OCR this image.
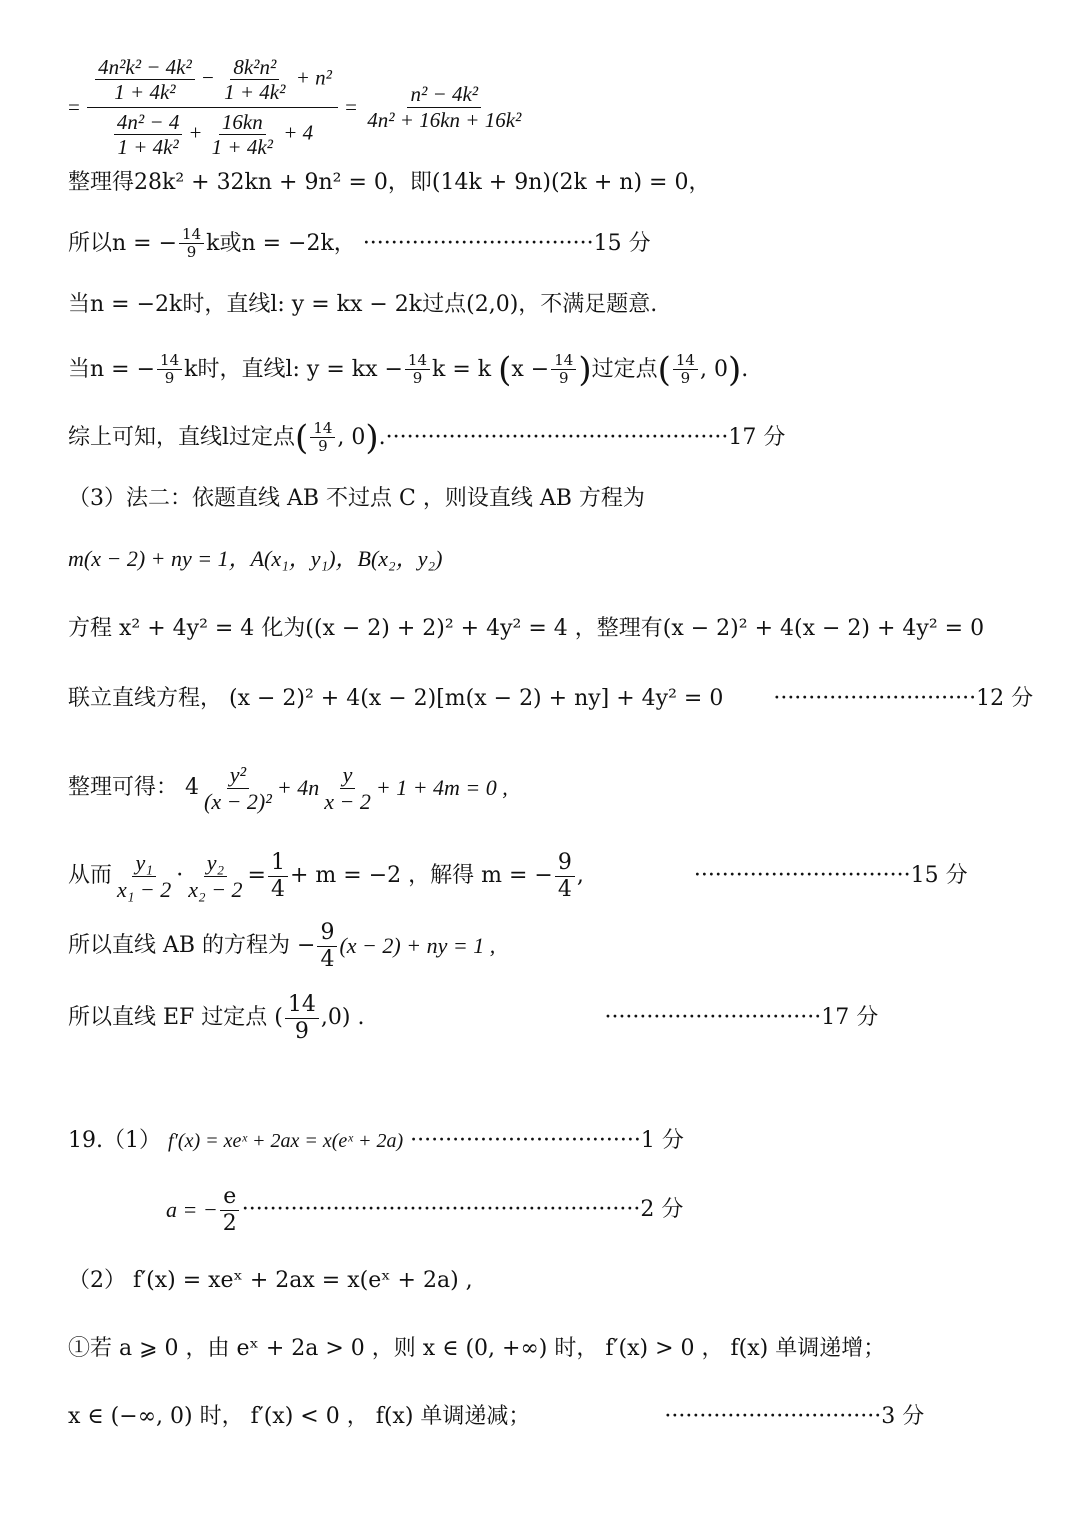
= $\frac{\frac{\text{4n²k² − 4k²}}{\text{1 + 4k²}} - \frac{\text{8k²n²}}{\text{1 + 4k²}} + n^2}{\frac{\text{4n² − 4}}{\text{1 + 4k²}} + \frac{16kn}{\text{1 + 4k²}} + 4} = \frac{\text{n² − 4k²}}{\text{4n² + 16kn + 16k²}}$
整理得28k² + 32kn + 9n² = 0，即(14k + 9n)(2k + n) = 0，
所以n = − $\frac{14}{9}$ k或n = −2k， ·································15 分
当n = −2k时，直线l: y = kx − 2k过点(2,0)，不满足题意.
当n = − $\frac{14}{9}$ k时，直线l: y = kx − $\frac{14}{9}$ k = k ($x - \frac{14}{9}$ )过定点( $\frac{14}{9}$ , 0).
综上可知，直线l过定点( $\frac{14}{9}$ , 0).·················································17 分
（3）法二：依题直线 AB 不过点 C ，则设直线 AB 方程为
m(x − 2) + ny = 1，A(x₁，y₁)，B(x₂，y₂)
方程 x² + 4y² = 4 化为((x − 2) + 2)² + 4y² = 4 ，整理有(x − 2)² + 4(x − 2) + 4y² = 0
联立直线方程， (x − 2)² + 4(x − 2)[m(x − 2) + ny] + 4y² = 0 ·····························12 分
整理可得： $4 \frac{\text{y²}}{\text{(x − 2)²}} + 4n \frac{y}{x - 2} + 1 + 4m = 0$ ,
从而 $\frac{\text{y₁}}{\text{x₁ − 2}} \cdot \frac{\text{y₂}}{\text{x₂ − 2}} = \frac{1}{4} + m = -2$ ，解得 m = − $\frac{9}{4}$ ,	······························· 15 分
所以直线 AB 的方程为 − $\frac{9}{4} (x - 2)$ + ny = 1 ,
所以直线 EF 过定点 ( $\frac{14}{9} ,0$) .	······························· 17 分
19.（1） f′(x) = xeˣ + 2ax = x(eˣ + 2a) ·································1 分
a = − $\frac{e}{2}$ ························································· 2 分
（2） f′(x) = xeˣ + 2ax = x(eˣ + 2a) ,
①若 a ⩾ 0 ，由 eˣ + 2a > 0 ，则 x ∈ (0, +∞) 时， f′(x) > 0 ， f(x) 单调递增；
x ∈ (−∞, 0) 时， f′(x) < 0 ， f(x) 单调递减；	·······························3 分
